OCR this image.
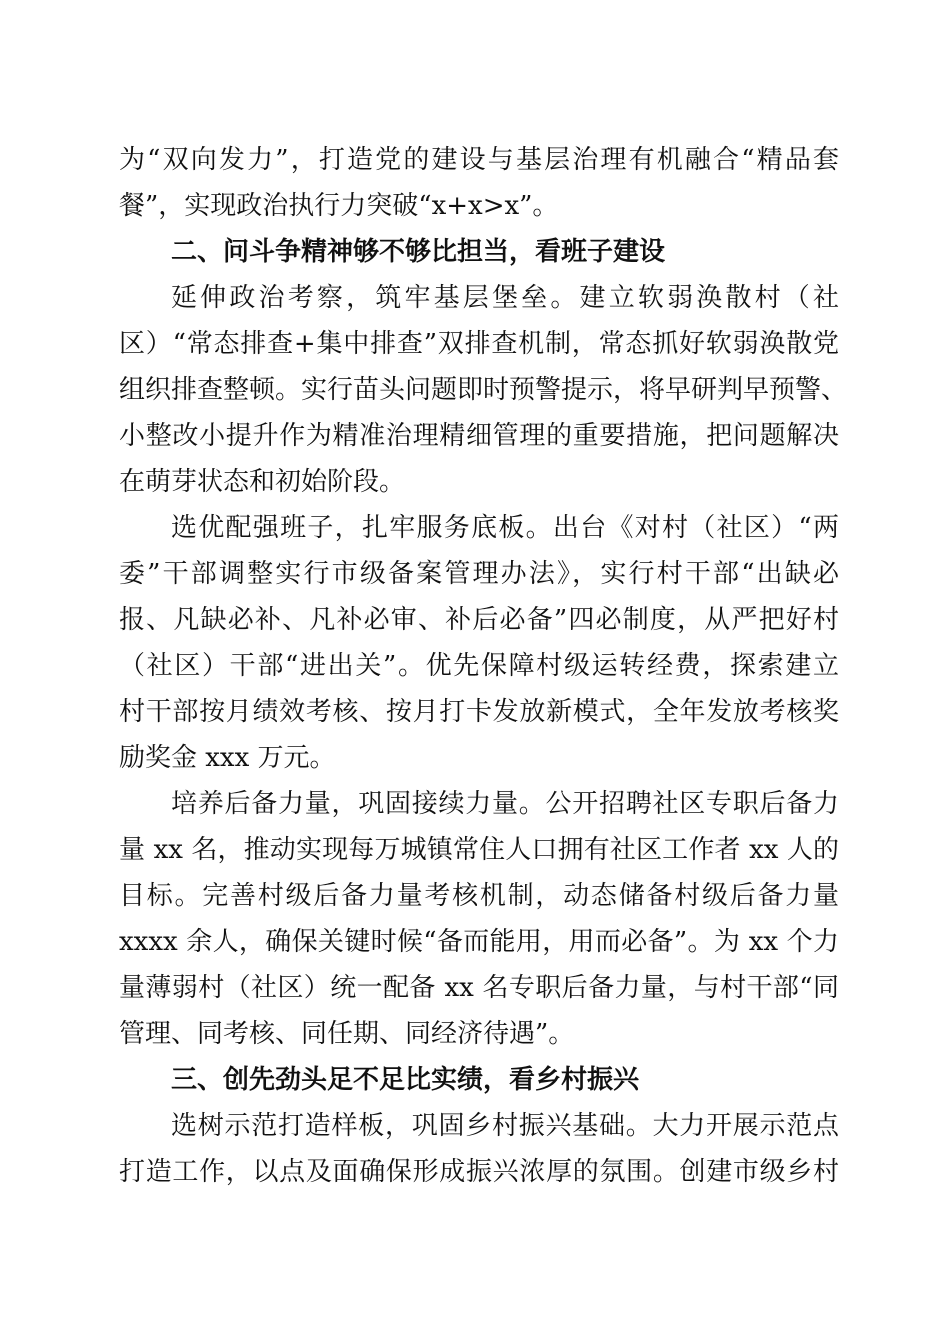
为“双向发力”，打造党的建设与基层治理有机融合“精品套
餐”，实现政治执行力突破“x+x>x”。
二、问斗争精神够不够比担当，看班子建设
延伸政治考察，筑牢基层堡垒。建立软弱涣散村（社
区）“常态排查+集中排查”双排查机制，常态抓好软弱涣散党
组织排查整顿。实行苗头问题即时预警提示，将早研判早预警、
小整改小提升作为精准治理精细管理的重要措施，把问题解决
在萌芽状态和初始阶段。
选优配强班子，扎牢服务底板。出台《对村（社区）“两
委”干部调整实行市级备案管理办法》，实行村干部“出缺必
报、凡缺必补、凡补必审、补后必备”四必制度，从严把好村
（社区）干部“进出关”。优先保障村级运转经费，探索建立
村干部按月绩效考核、按月打卡发放新模式，全年发放考核奖
励奖金 xxx 万元。
培养后备力量，巩固接续力量。公开招聘社区专职后备力
量 xx 名，推动实现每万城镇常住人口拥有社区工作者 xx 人的
目标。完善村级后备力量考核机制，动态储备村级后备力量
xxxx 余人，确保关键时候“备而能用，用而必备”。为 xx 个力
量薄弱村（社区）统一配备 xx 名专职后备力量，与村干部“同
管理、同考核、同任期、同经济待遇”。
三、创先劲头足不足比实绩，看乡村振兴
选树示范打造样板，巩固乡村振兴基础。大力开展示范点
打造工作，以点及面确保形成振兴浓厚的氛围。创建市级乡村
